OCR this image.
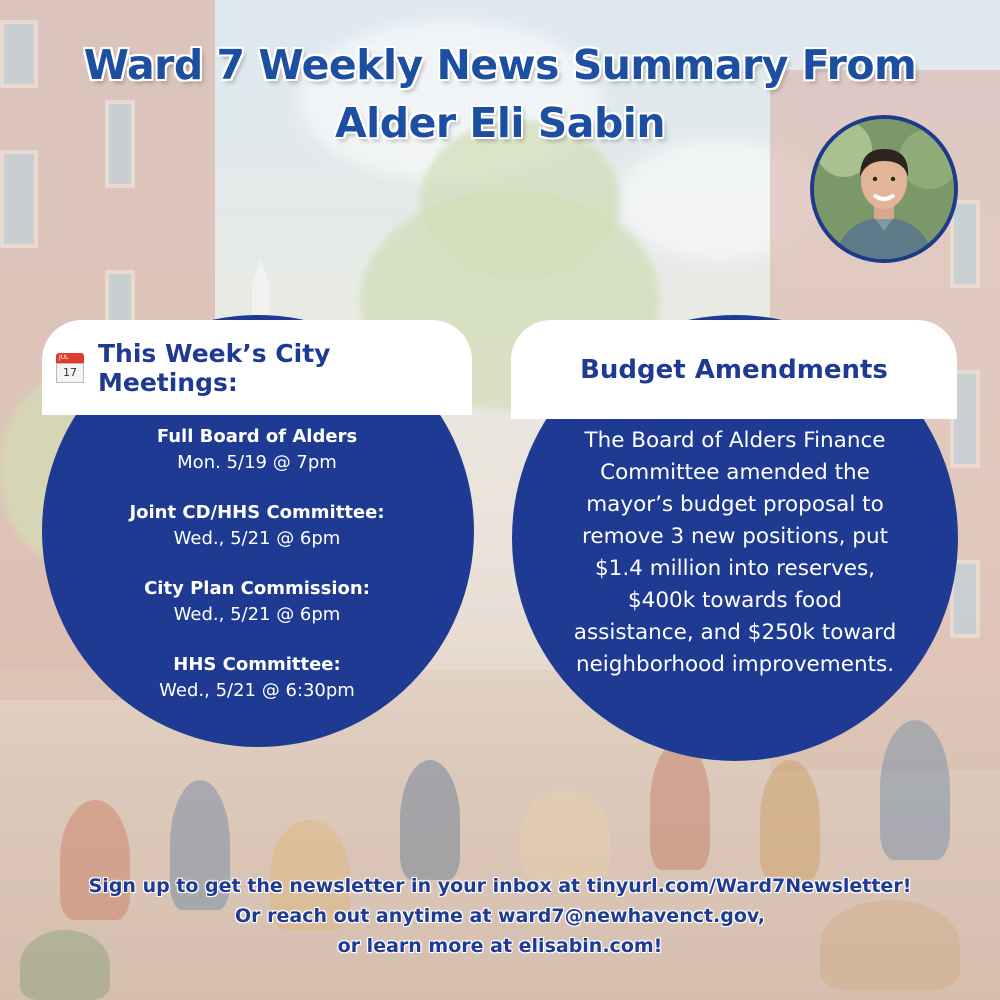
Ward 7 Weekly News Summary From
Alder Eli Sabin
JUL
17
This Week’s City Meetings:	Budget Amendments
Full Board of Alders
Mon. 5/19 @ 7pm
Joint CD/HHS Committee:
Wed., 5/21 @ 6pm
City Plan Commission:
Wed., 5/21 @ 6pm
HHS Committee:
Wed., 5/21 @ 6:30pm
The Board of Alders Finance
Committee amended the
mayor’s budget proposal to
remove 3 new positions, put
$1.4 million into reserves,
$400k towards food
assistance, and $250k toward
neighborhood improvements.
Sign up to get the newsletter in your inbox at tinyurl.com/Ward7Newsletter!
Or reach out anytime at ward7@newhavenct.gov,
or learn more at elisabin.com!
